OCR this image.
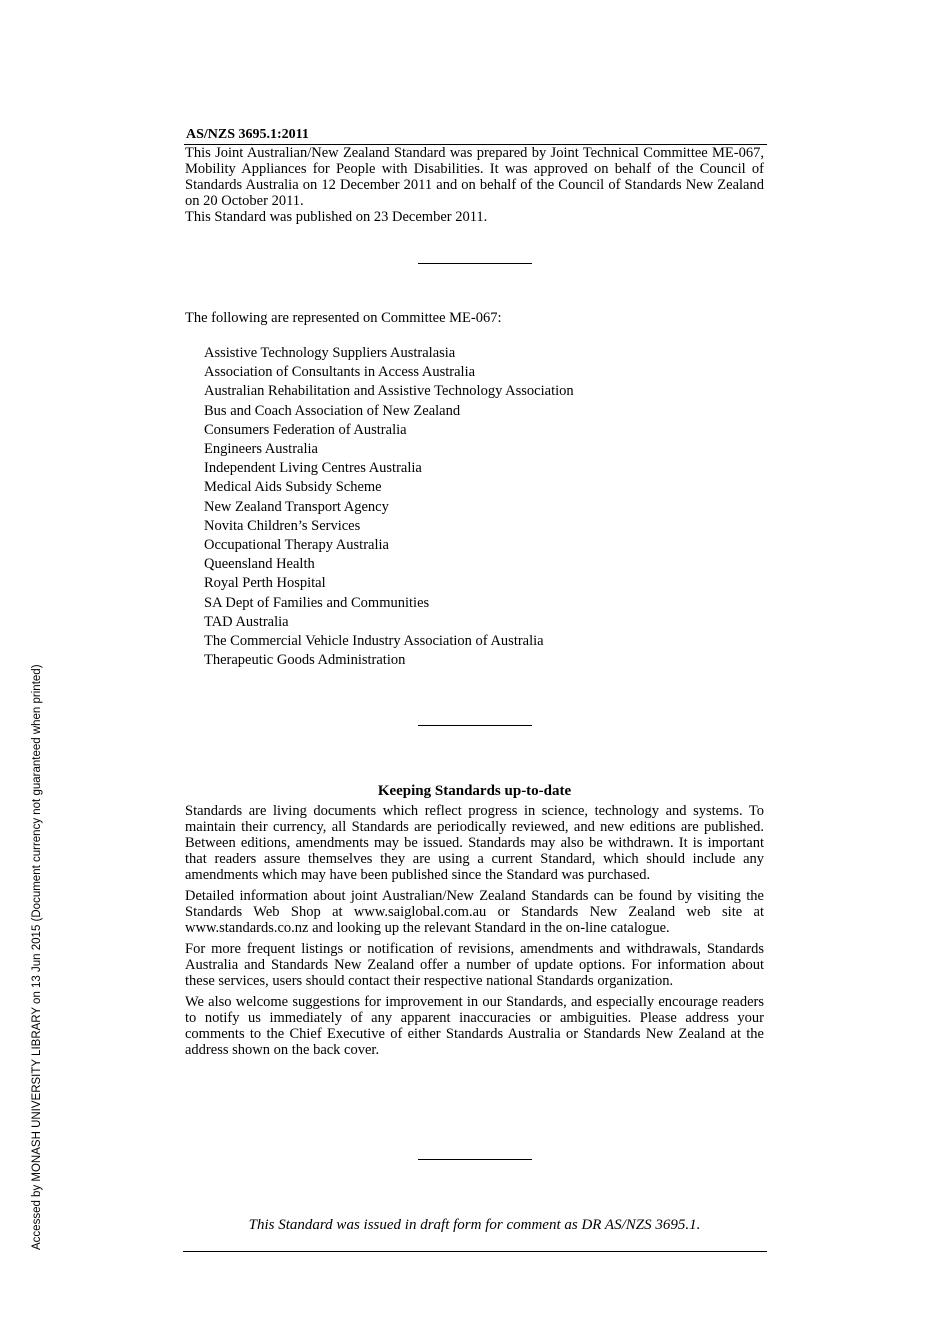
AS/NZS 3695.1:2011

This Joint Australian/New Zealand Standard was prepared by Joint Technical Committee ME-067, Mobility Appliances for People with Disabilities. It was approved on behalf of the Council of Standards Australia on 12 December 2011 and on behalf of the Council of Standards New Zealand on 20 October 2011.

This Standard was published on 23 December 2011.

The following are represented on Committee ME-067:
Assistive Technology Suppliers Australasia
Association of Consultants in Access Australia
Australian Rehabilitation and Assistive Technology Association
Bus and Coach Association of New Zealand
Consumers Federation of Australia
Engineers Australia
Independent Living Centres Australia
Medical Aids Subsidy Scheme
New Zealand Transport Agency
Novita Children’s Services
Occupational Therapy Australia
Queensland Health
Royal Perth Hospital
SA Dept of Families and Communities
TAD Australia
The Commercial Vehicle Industry Association of Australia
Therapeutic Goods Administration
Keeping Standards up-to-date

Standards are living documents which reflect progress in science, technology and systems. To maintain their currency, all Standards are periodically reviewed, and new editions are published. Between editions, amendments may be issued. Standards may also be withdrawn. It is important that readers assure themselves they are using a current Standard, which should include any amendments which may have been published since the Standard was purchased.

Detailed information about joint Australian/New Zealand Standards can be found by visiting the Standards Web Shop at www.saiglobal.com.au or Standards New Zealand web site at www.standards.co.nz and looking up the relevant Standard in the on-line catalogue.

For more frequent listings or notification of revisions, amendments and withdrawals, Standards Australia and Standards New Zealand offer a number of update options. For information about these services, users should contact their respective national Standards organization.

We also welcome suggestions for improvement in our Standards, and especially encourage readers to notify us immediately of any apparent inaccuracies or ambiguities. Please address your comments to the Chief Executive of either Standards Australia or Standards New Zealand at the address shown on the back cover.

This Standard was issued in draft form for comment as DR AS/NZS 3695.1.
Accessed by MONASH UNIVERSITY LIBRARY on 13 Jun 2015 (Document currency not guaranteed when printed)
